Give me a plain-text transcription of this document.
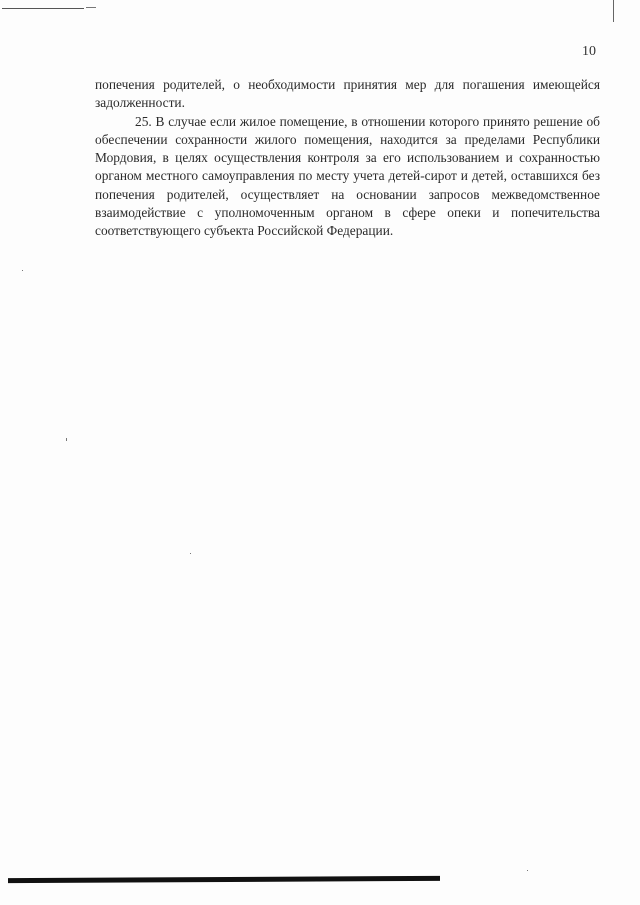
10

попечения родителей, о необходимости принятия мер для погашения имеющейся задолженности.

25. В случае если жилое помещение, в отношении которого принято решение об обеспечении сохранности жилого помещения, находится за пределами Республики Мордовия, в целях осуществления контроля за его использованием и сохранностью органом местного самоуправления по месту учета детей-сирот и детей, оставшихся без попечения родителей, осуществляет на основании запросов межведомственное взаимодействие с уполномоченным органом в сфере опеки и попечительства соответствующего субъекта Российской Федерации.
